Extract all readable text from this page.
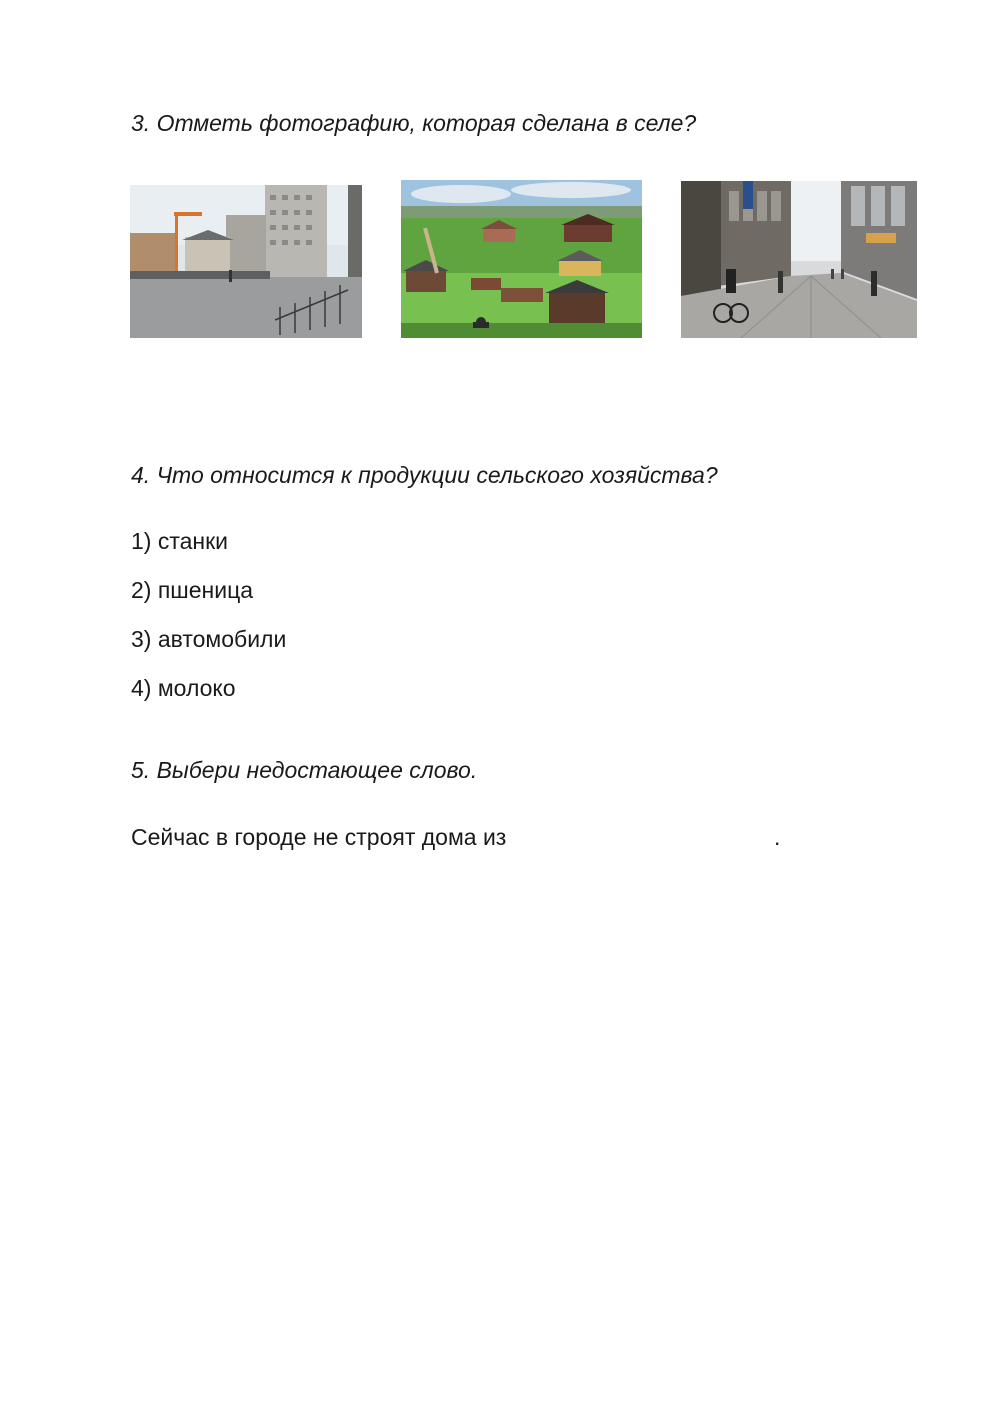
3. Отметь фотографию, которая сделана в селе?
4. Что относится к продукции сельского хозяйства?

1) станки

2) пшеница

3) автомобили

4) молоко

5. Выбери недостающее слово.

Сейчас в городе не строят дома из	.
